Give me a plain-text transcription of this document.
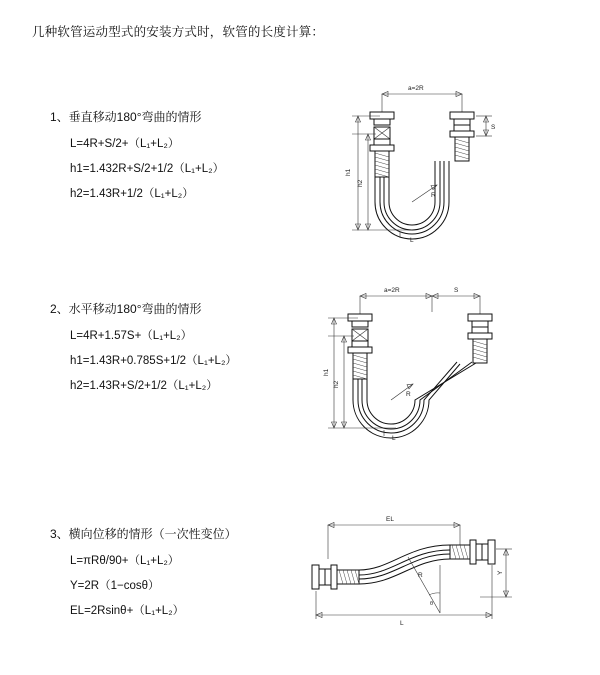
几种软管运动型式的安装方式时，软管的长度计算：

1、垂直移动180°弯曲的情形

L=4R+S/2+（L₁+L₂）

h1=1.432R+S/2+1/2（L₁+L₂）

h2=1.43R+1/2（L₁+L₂）

a=2R
R
h1
h2
S
L

2、水平移动180°弯曲的情形

L=4R+1.57S+（L₁+L₂）

h1=1.43R+0.785S+1/2（L₁+L₂）

h2=1.43R+S/2+1/2（L₁+L₂）

a=2R	S
R
h1
h2
L

3、横向位移的情形（一次性变位）

L=πRθ/90+（L₁+L₂）

Y=2R（1−cosθ）

EL=2Rsinθ+（L₁+L₂）

EL
θ
R	Y
L
